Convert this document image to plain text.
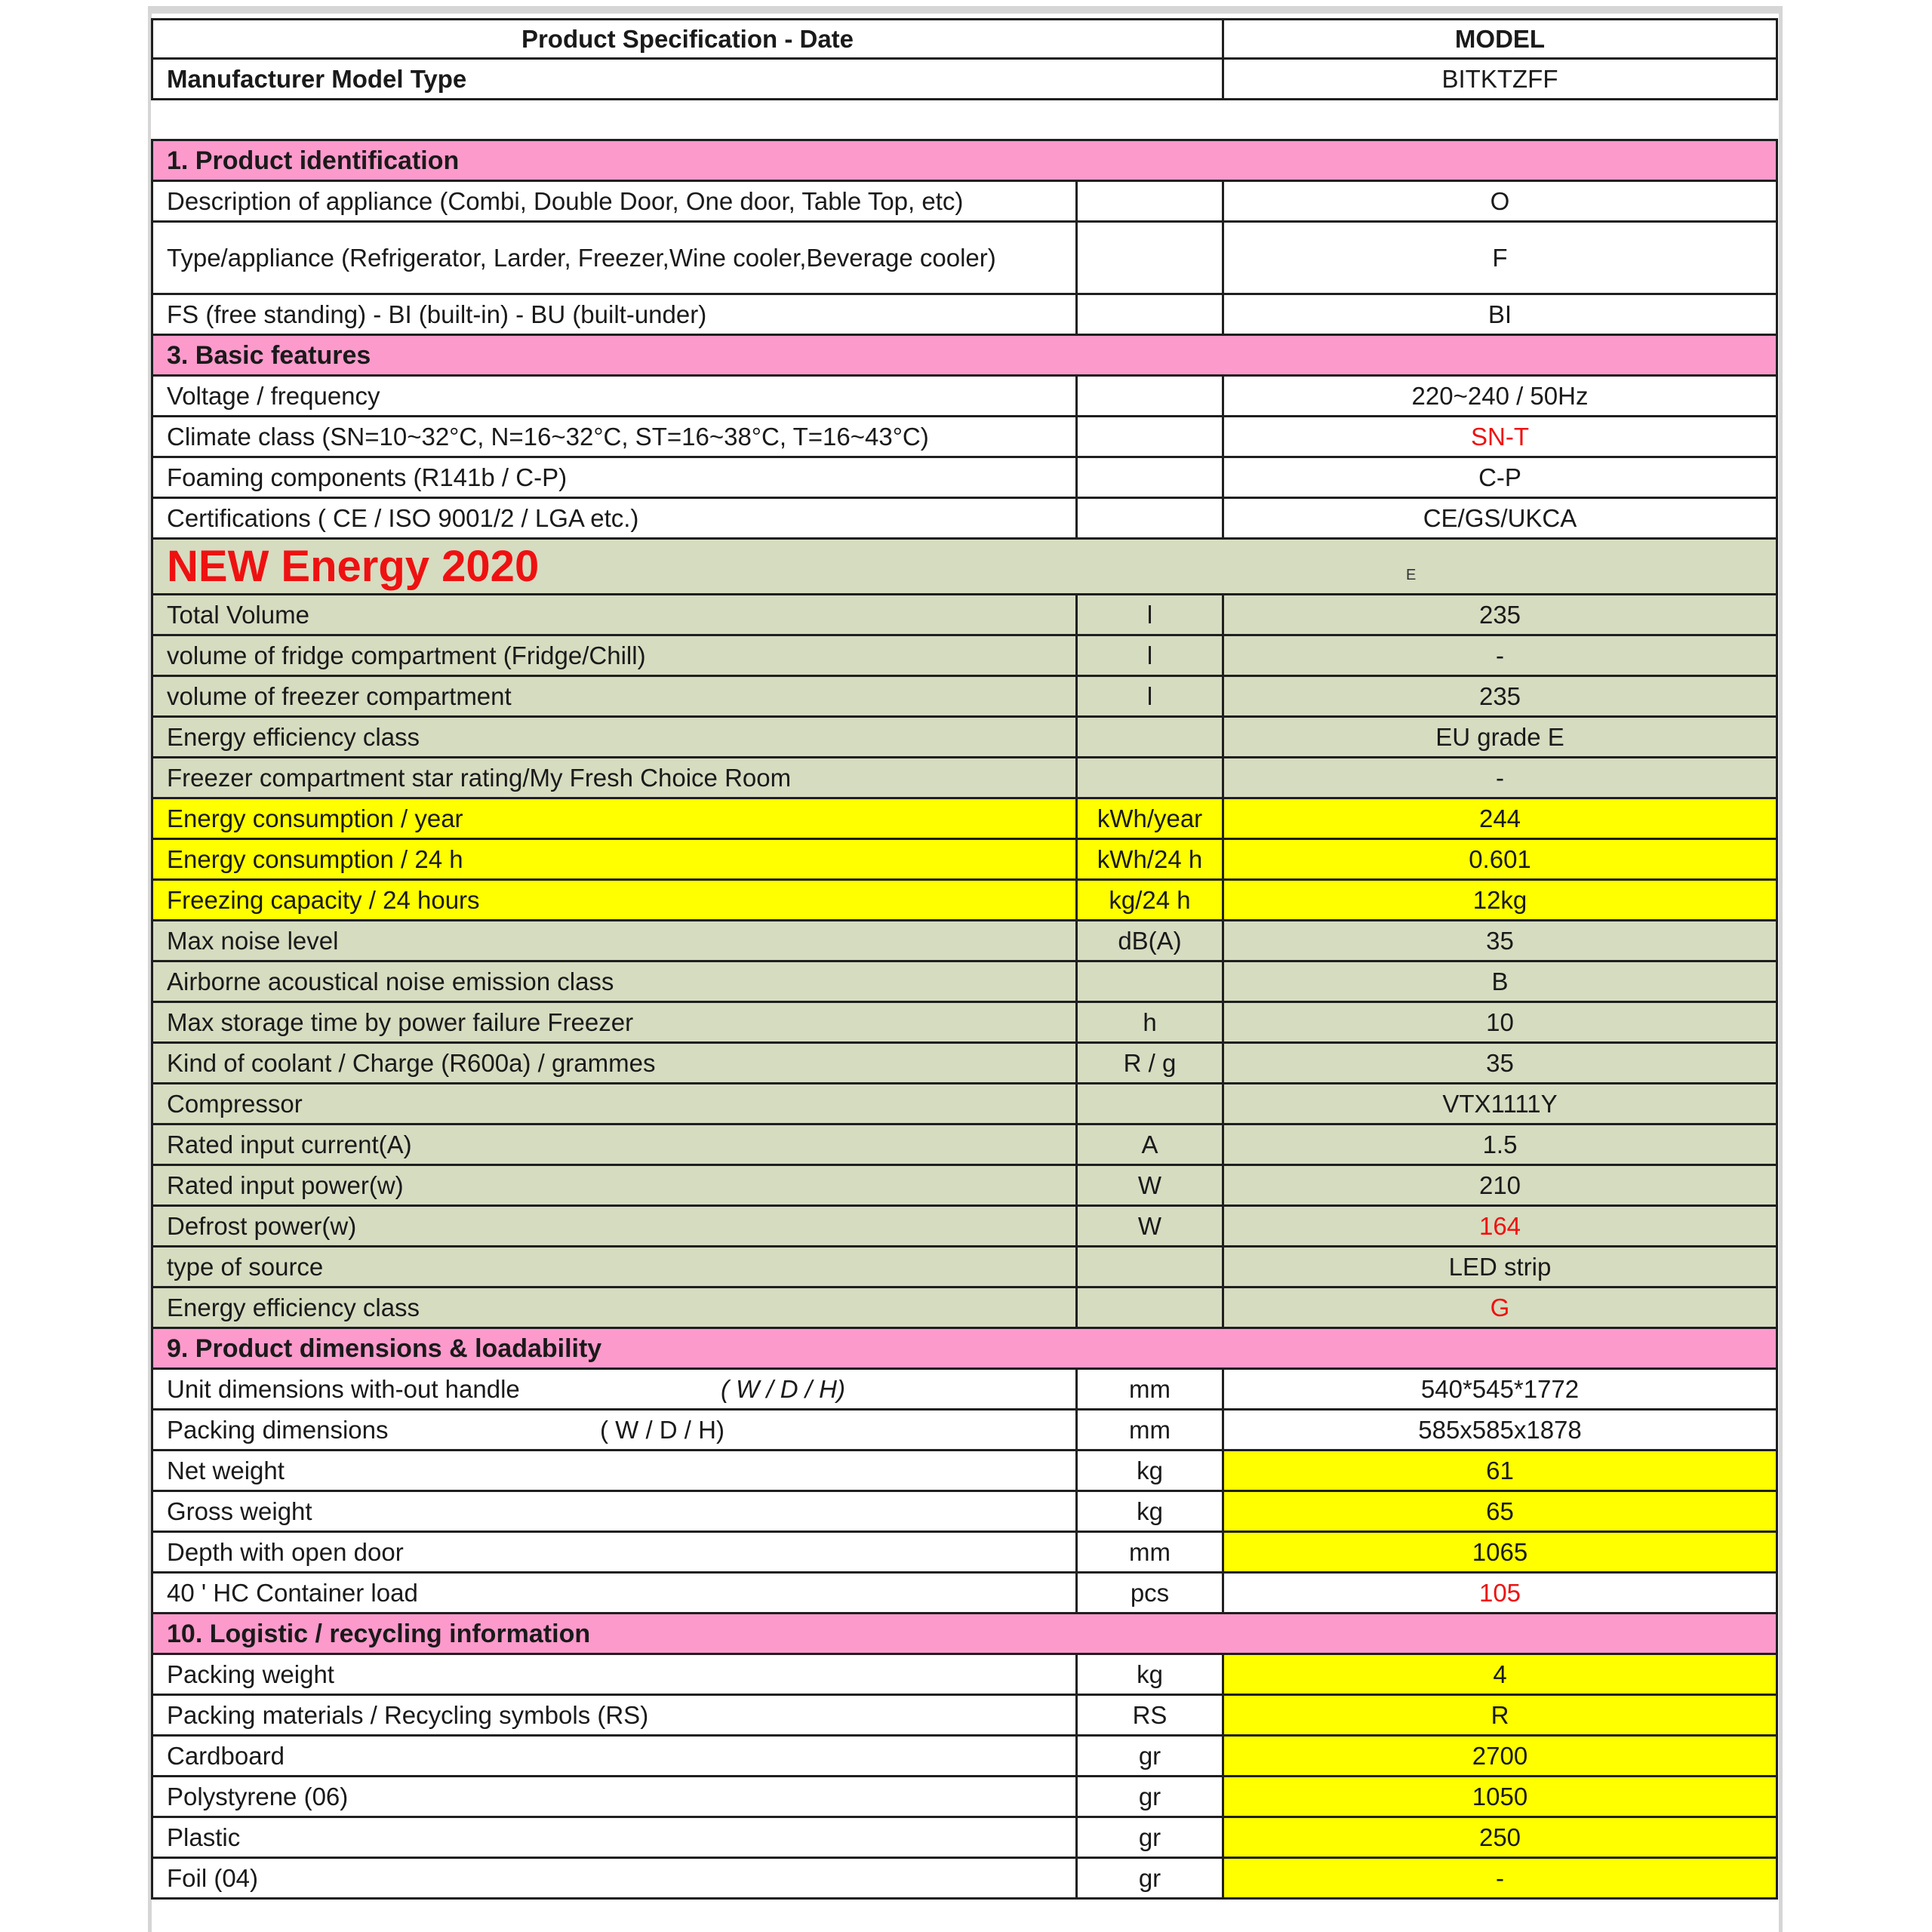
Product Specification - Date	MODEL
Manufacturer Model Type	BITKTZFF
1. Product identification
Description of appliance (Combi, Double Door, One door, Table Top, etc)	O
Type/appliance (Refrigerator, Larder, Freezer,Wine cooler,Beverage cooler)	F
FS (free standing) - BI (built-in) - BU (built-under)	BI
3. Basic features
Voltage / frequency	220~240 / 50Hz
Climate class (SN=10~32°C, N=16~32°C, ST=16~38°C, T=16~43°C)	SN-T
Foaming components (R141b / C-P)	C-P
Certifications ( CE / ISO 9001/2 / LGA etc.)	CE/GS/UKCA
NEW Energy 2020	E
Total Volume	l	235
volume of fridge compartment (Fridge/Chill)	l	-
volume of freezer compartment	l	235
Energy efficiency class	EU grade E
Freezer compartment star rating/My Fresh Choice Room	-
Energy consumption / year	kWh/year	244
Energy consumption / 24 h	kWh/24 h	0.601
Freezing capacity / 24 hours	kg/24 h	12kg
Max noise level	dB(A)	35
Airborne acoustical noise emission class	B
Max storage time by power failure Freezer	h	10
Kind of coolant / Charge (R600a) / grammes	R / g	35
Compressor	VTX1111Y
Rated input current(A)	A	1.5
Rated input power(w)	W	210
Defrost power(w)	W	164
type of source	LED strip
Energy efficiency class	G
9. Product dimensions & loadability
Unit dimensions with-out handle	( W / D / H)	mm	540*545*1772
Packing dimensions	( W / D / H)	mm	585x585x1878
Net weight	kg	61
Gross weight	kg	65
Depth with open door	mm	1065
40 ' HC Container load	pcs	105
10. Logistic / recycling information
Packing weight	kg	4
Packing materials / Recycling symbols (RS)	RS	R
Cardboard	gr	2700
Polystyrene (06)	gr	1050
Plastic	gr	250
Foil (04)	gr	-
